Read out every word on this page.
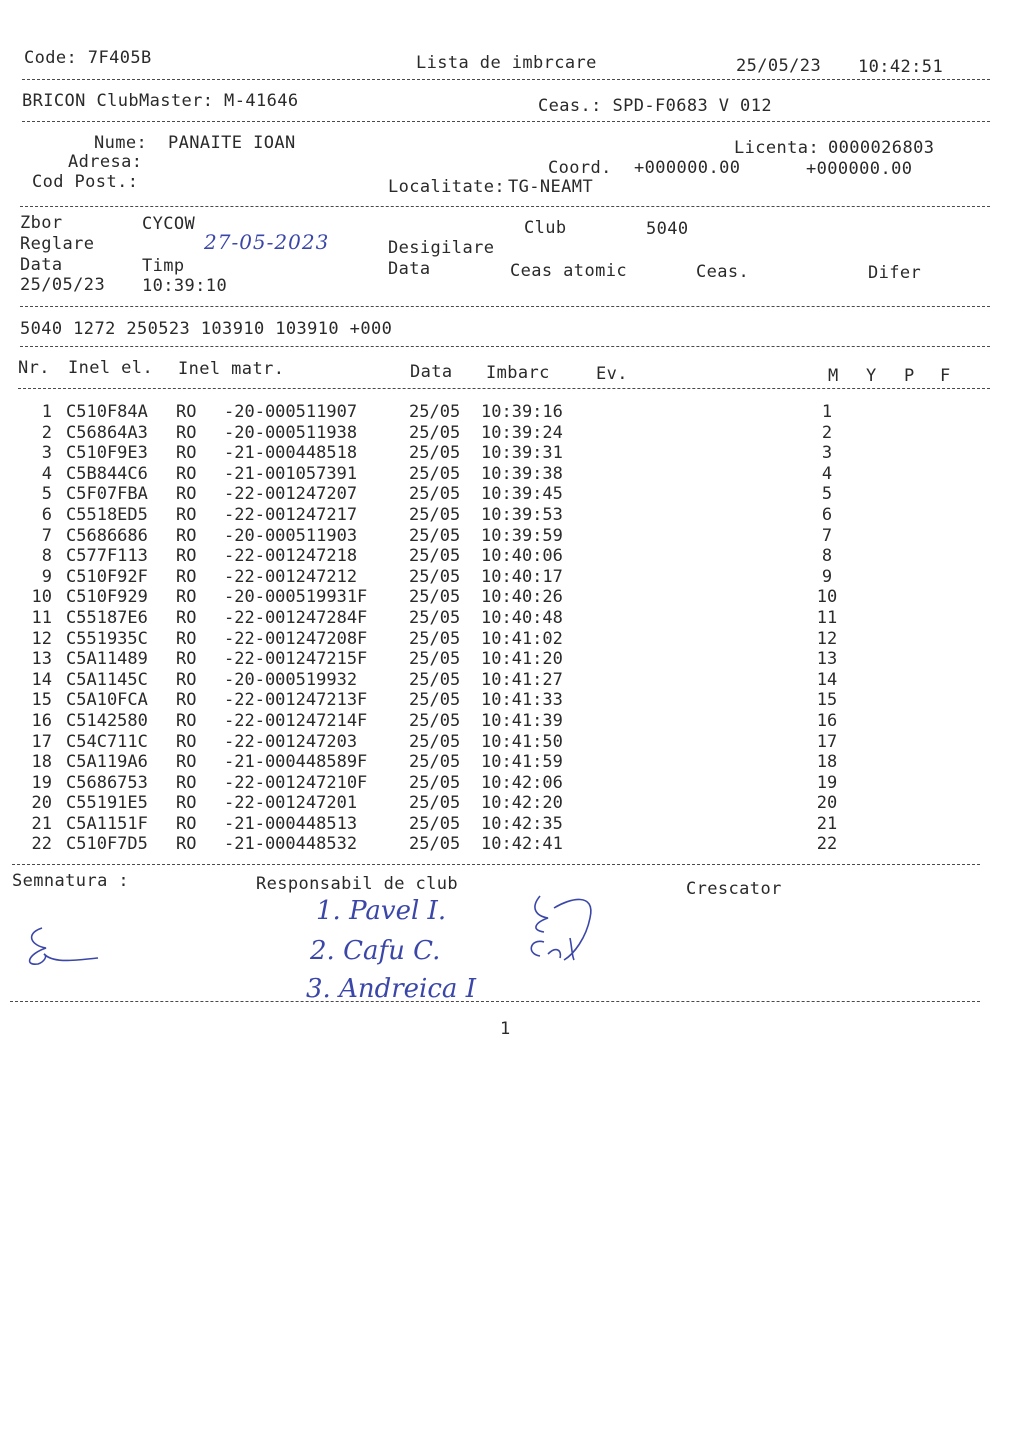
Code: 7F405B	Lista de imbrcare	25/05/23 10:42:51
BRICON ClubMaster: M-41646	Ceas.: SPD-F0683 V 012
Nume: PANAITE IOAN
Adresa:
Cod Post.:
Licenta: 0000026803
Coord. +000000.00	+000000.00
Localitate: TG-NEAMT
Zbor	CYCOW	Club	5040
Reglare	27-05-2023	Desigilare
Data	Timp	Data	Ceas atomic	Ceas.	Difer
25/05/23 10:39:10
5040 1272 250523 103910 103910 +000
Nr. Inel el. Inel matr.	Data Imbarc	Ev.	M Y P F
1 C510F84A RO -20-000511907	25/05 10:39:16	1
2 C56864A3 RO -20-000511938	25/05 10:39:24	2
3 C510F9E3 RO -21-000448518	25/05 10:39:31	3
4 C5B844C6 RO -21-001057391	25/05 10:39:38	4
5 C5F07FBA RO -22-001247207	25/05 10:39:45	5
6 C5518ED5 RO -22-001247217	25/05 10:39:53	6
7 C5686686 RO -20-000511903	25/05 10:39:59	7
8 C577F113 RO -22-001247218	25/05 10:40:06	8
9 C510F92F RO -22-001247212	25/05 10:40:17	9
10 C510F929 RO -20-000519931F 25/05 10:40:26	10
11 C55187E6 RO -22-001247284F 25/05 10:40:48	11
12 C551935C RO -22-001247208F 25/05 10:41:02	12
13 C5A11489 RO -22-001247215F 25/05 10:41:20	13
14 C5A1145C RO -20-000519932	25/05 10:41:27	14
15 C5A10FCA RO -22-001247213F 25/05 10:41:33	15
16 C5142580 RO -22-001247214F 25/05 10:41:39	16
17 C54C711C RO -22-001247203	25/05 10:41:50	17
18 C5A119A6 RO -21-000448589F 25/05 10:41:59	18
19 C5686753 RO -22-001247210F 25/05 10:42:06	19
20 C55191E5 RO -22-001247201	25/05 10:42:20	20
21 C5A1151F RO -21-000448513	25/05 10:42:35	21
22 C510F7D5 RO -21-000448532	25/05 10:42:41	22
Semnatura :	Responsabil de club	Crescator
1. Pavel I.
2. Cafu C.
3. Andreica I
1
